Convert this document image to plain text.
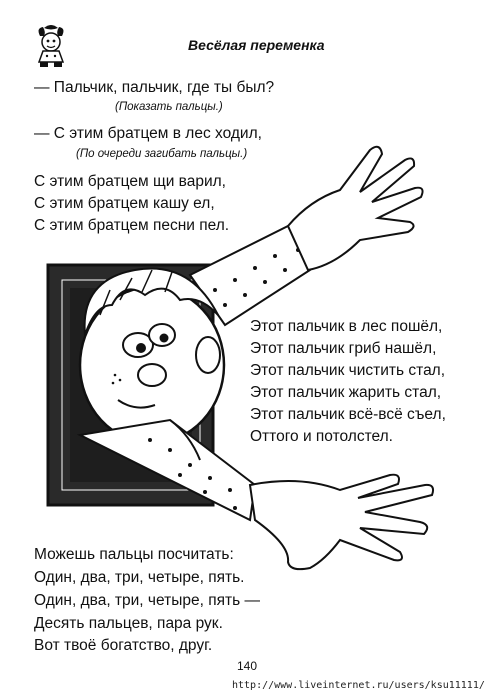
Весёлая переменка
— Пальчик, пальчик, где ты был?
(Показать пальцы.)
— С этим братцем в лес ходил,
(По очереди загибать пальцы.)
С этим братцем щи варил,
С этим братцем кашу ел,
С этим братцем песни пел.
Этот пальчик в лес пошёл,
Этот пальчик гриб нашёл,
Этот пальчик чистить стал,
Этот пальчик жарить стал,
Этот пальчик всё-всё съел,
Оттого и потолстел.
Можешь пальцы посчитать:
Один, два, три, четыре, пять.
Один, два, три, четыре, пять —
Десять пальцев, пара рук.
Вот твоё богатство, друг.
140
http://www.liveinternet.ru/users/ksu11111/
